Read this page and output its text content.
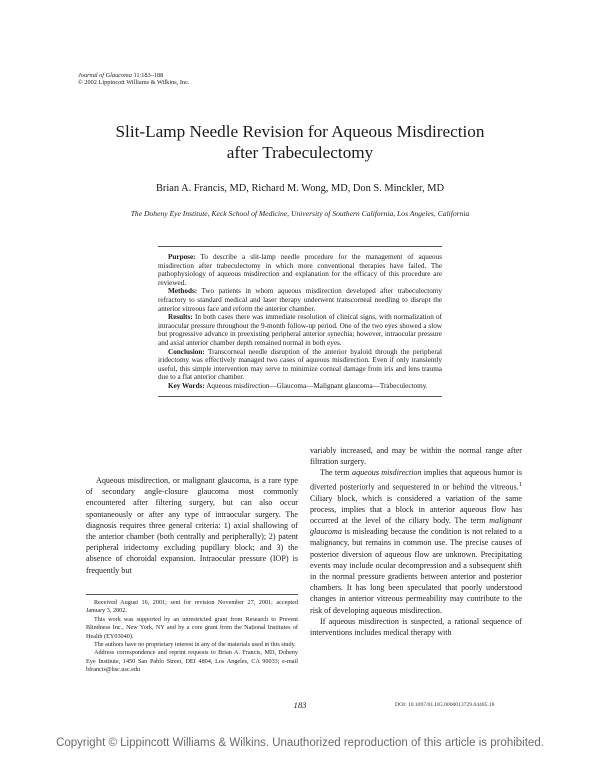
Journal of Glaucoma 11:183–188
© 2002 Lippincott Williams & Wilkins, Inc.
Slit-Lamp Needle Revision for Aqueous Misdirection
after Trabeculectomy
Brian A. Francis, MD, Richard M. Wong, MD, Don S. Minckler, MD
The Doheny Eye Institute, Keck School of Medicine, University of Southern California, Los Angeles, California

Purpose: To describe a slit-lamp needle procedure for the management of aqueous misdirection after trabeculectomy in which more conventional therapies have failed. The pathophysiology of aqueous misdirection and explanation for the efficacy of this procedure are reviewed.

Methods: Two patients in whom aqueous misdirection developed after trabeculectomy refractory to standard medical and laser therapy underwent transcorneal needling to disrupt the anterior vitreous face and reform the anterior chamber.

Results: In both cases there was immediate resolution of clinical signs, with normalization of intraocular pressure throughout the 9-month follow-up period. One of the two eyes showed a slow but progressive advance in preexisting peripheral anterior synechia; however, intraocular pressure and axial anterior chamber depth remained normal in both eyes.

Conclusion: Transcorneal needle disruption of the anterior hyaloid through the peripheral iridectomy was effectively managed two cases of aqueous misdirection. Even if only transiently useful, this simple intervention may serve to minimize corneal damage from iris and lens trauma due to a flat anterior chamber.

Key Words: Aqueous misdirection—Glaucoma—Malignant glaucoma—Trabeculectomy.

Aqueous misdirection, or malignant glaucoma, is a rare type of secondary angle-closure glaucoma most commonly encountered after filtering surgery, but can also occur spontaneously or after any type of intraocular surgery. The diagnosis requires three general criteria: 1) axial shallowing of the anterior chamber (both centrally and peripherally); 2) patent peripheral iridectomy excluding pupillary block; and 3) the absence of choroidal expansion. Intraocular pressure (IOP) is frequently but

Received August 16, 2001; sent for revision November 27, 2001; accepted January 3, 2002.

This work was supported by an unrestricted grant from Research to Prevent Blindness Inc., New York, NY and by a core grant from the National Institutes of Health (EY03040).

The authors have no proprietary interest in any of the materials used in this study.

Address correspondence and reprint requests to Brian A. Francis, MD, Doheny Eye Institute, 1450 San Pablo Street, DEI 4804, Los Angeles, CA 90033; e-mail bfrancis@hsc.usc.edu

variably increased, and may be within the normal range after filtration surgery.

The term aqueous misdirection implies that aqueous humor is diverted posteriorly and sequestered in or behind the vitreous.$^1$ Ciliary block, which is considered a variation of the same process, implies that a block in anterior aqueous flow has occurred at the level of the ciliary body. The term malignant glaucoma is misleading because the condition is not related to a malignancy, but remains in common use. The precise causes of posterior diversion of aqueous flow are unknown. Precipitating events may include ocular decompression and a subsequent shift in the normal pressure gradients between anterior and posterior chambers. It has long been speculated that poorly understood changes in anterior vitreous permeability may contribute to the risk of developing aqueous misdirection.

If aqueous misdirection is suspected, a rational sequence of interventions includes medical therapy with

183	DOI: 10.1097/01.IJG.0000013729.04485.18
Copyright © Lippincott Williams & Wilkins. Unauthorized reproduction of this article is prohibited.
